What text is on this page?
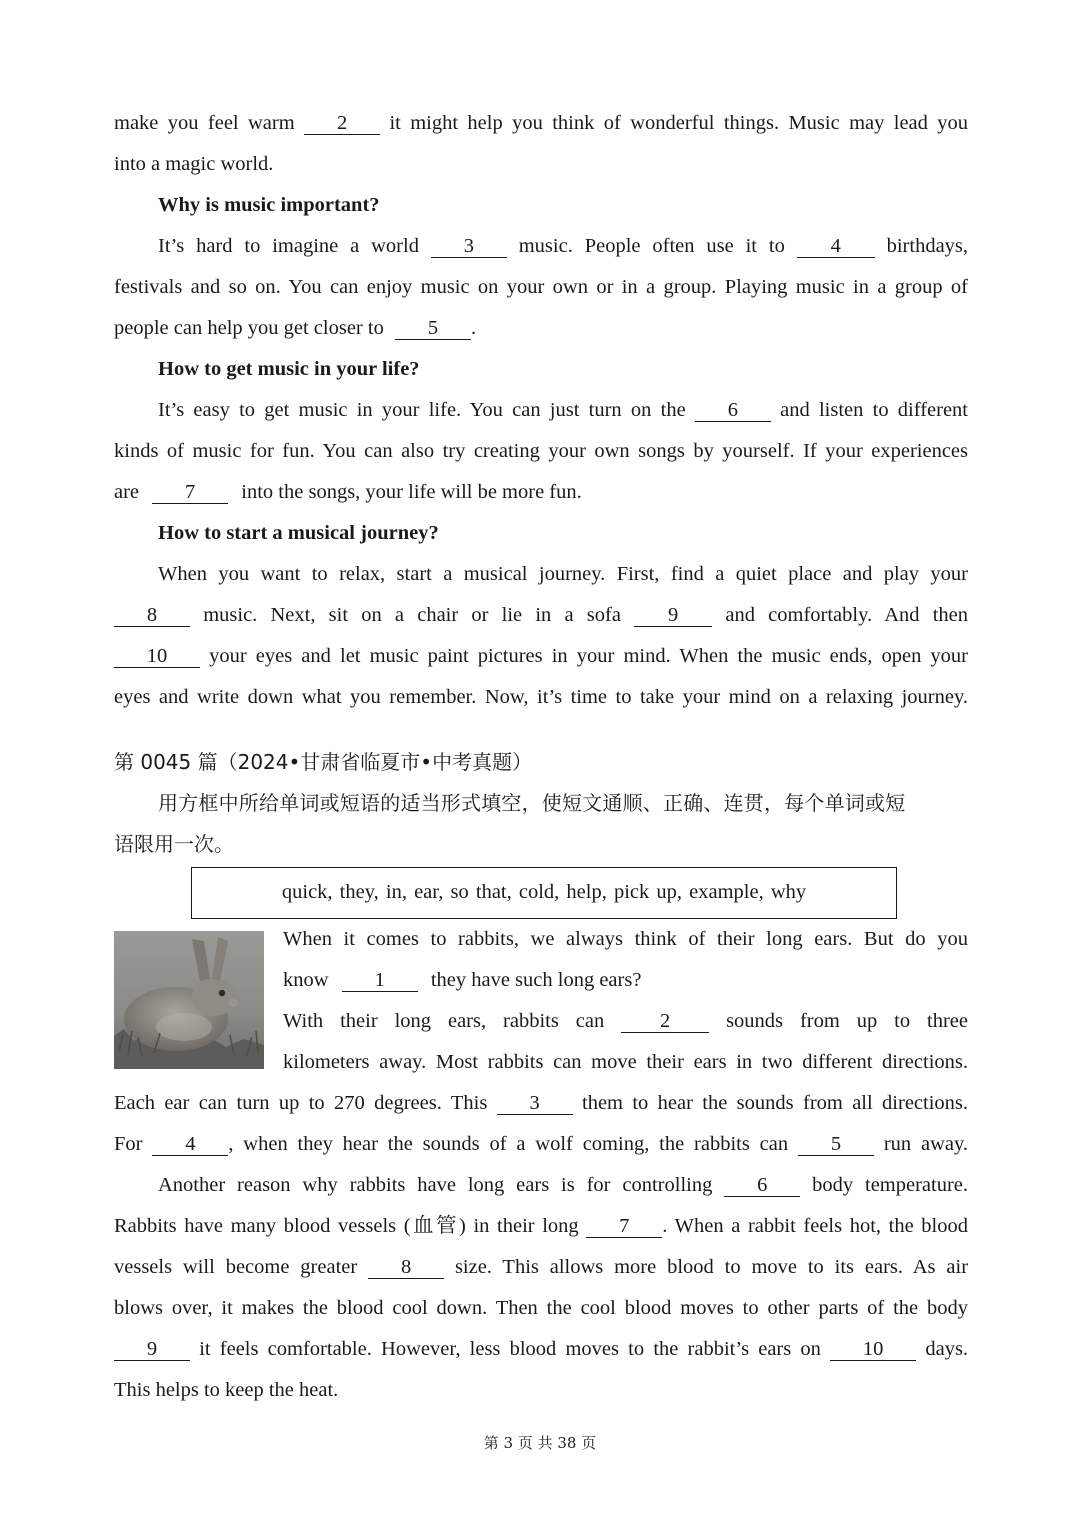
make you feel warm 2 it might help you think of wonderful things. Music may lead you
into a magic world.
Why is music important?
It’s hard to imagine a world 3 music. People often use it to 4 birthdays,
festivals and so on. You can enjoy music on your own or in a group. Playing music in a group of
people can help you get closer to 5 .
How to get music in your life?
It’s easy to get music in your life. You can just turn on the 6 and listen to different
kinds of music for fun. You can also try creating your own songs by yourself. If your experiences
are 7 into the songs, your life will be more fun.
How to start a musical journey?
When you want to relax, start a musical journey. First, find a quiet place and play your
8 music. Next, sit on a chair or lie in a sofa 9 and comfortably. And then
10 your eyes and let music paint pictures in your mind. When the music ends, open your
eyes and write down what you remember. Now, it’s time to take your mind on a relaxing journey.
第 0045 篇（2024•甘肃省临夏市•中考真题）
用方框中所给单词或短语的适当形式填空，使短文通顺、正确、连贯，每个单词或短
语限用一次。
quick, they, in, ear, so that, cold, help, pick up, example, why
When it comes to rabbits, we always think of their long ears. But do you
know 1 they have such long ears?
With their long ears, rabbits can	2	sounds from up to three
kilometers away. Most rabbits can move their ears in two different directions.
Each ear can turn up to 270 degrees. This 3 them to hear the sounds from all directions.
For 4 , when they hear the sounds of a wolf coming, the rabbits can 5 run away.
Another reason why rabbits have long ears is for controlling 6 body temperature.
Rabbits have many blood vessels (血管) in their long 7 . When a rabbit feels hot, the blood
vessels will become greater 8 size. This allows more blood to move to its ears. As air
blows over, it makes the blood cool down. Then the cool blood moves to other parts of the body
9 it feels comfortable. However, less blood moves to the rabbit’s ears on 10 days.
This helps to keep the heat.
第 3 页 共 38 页
